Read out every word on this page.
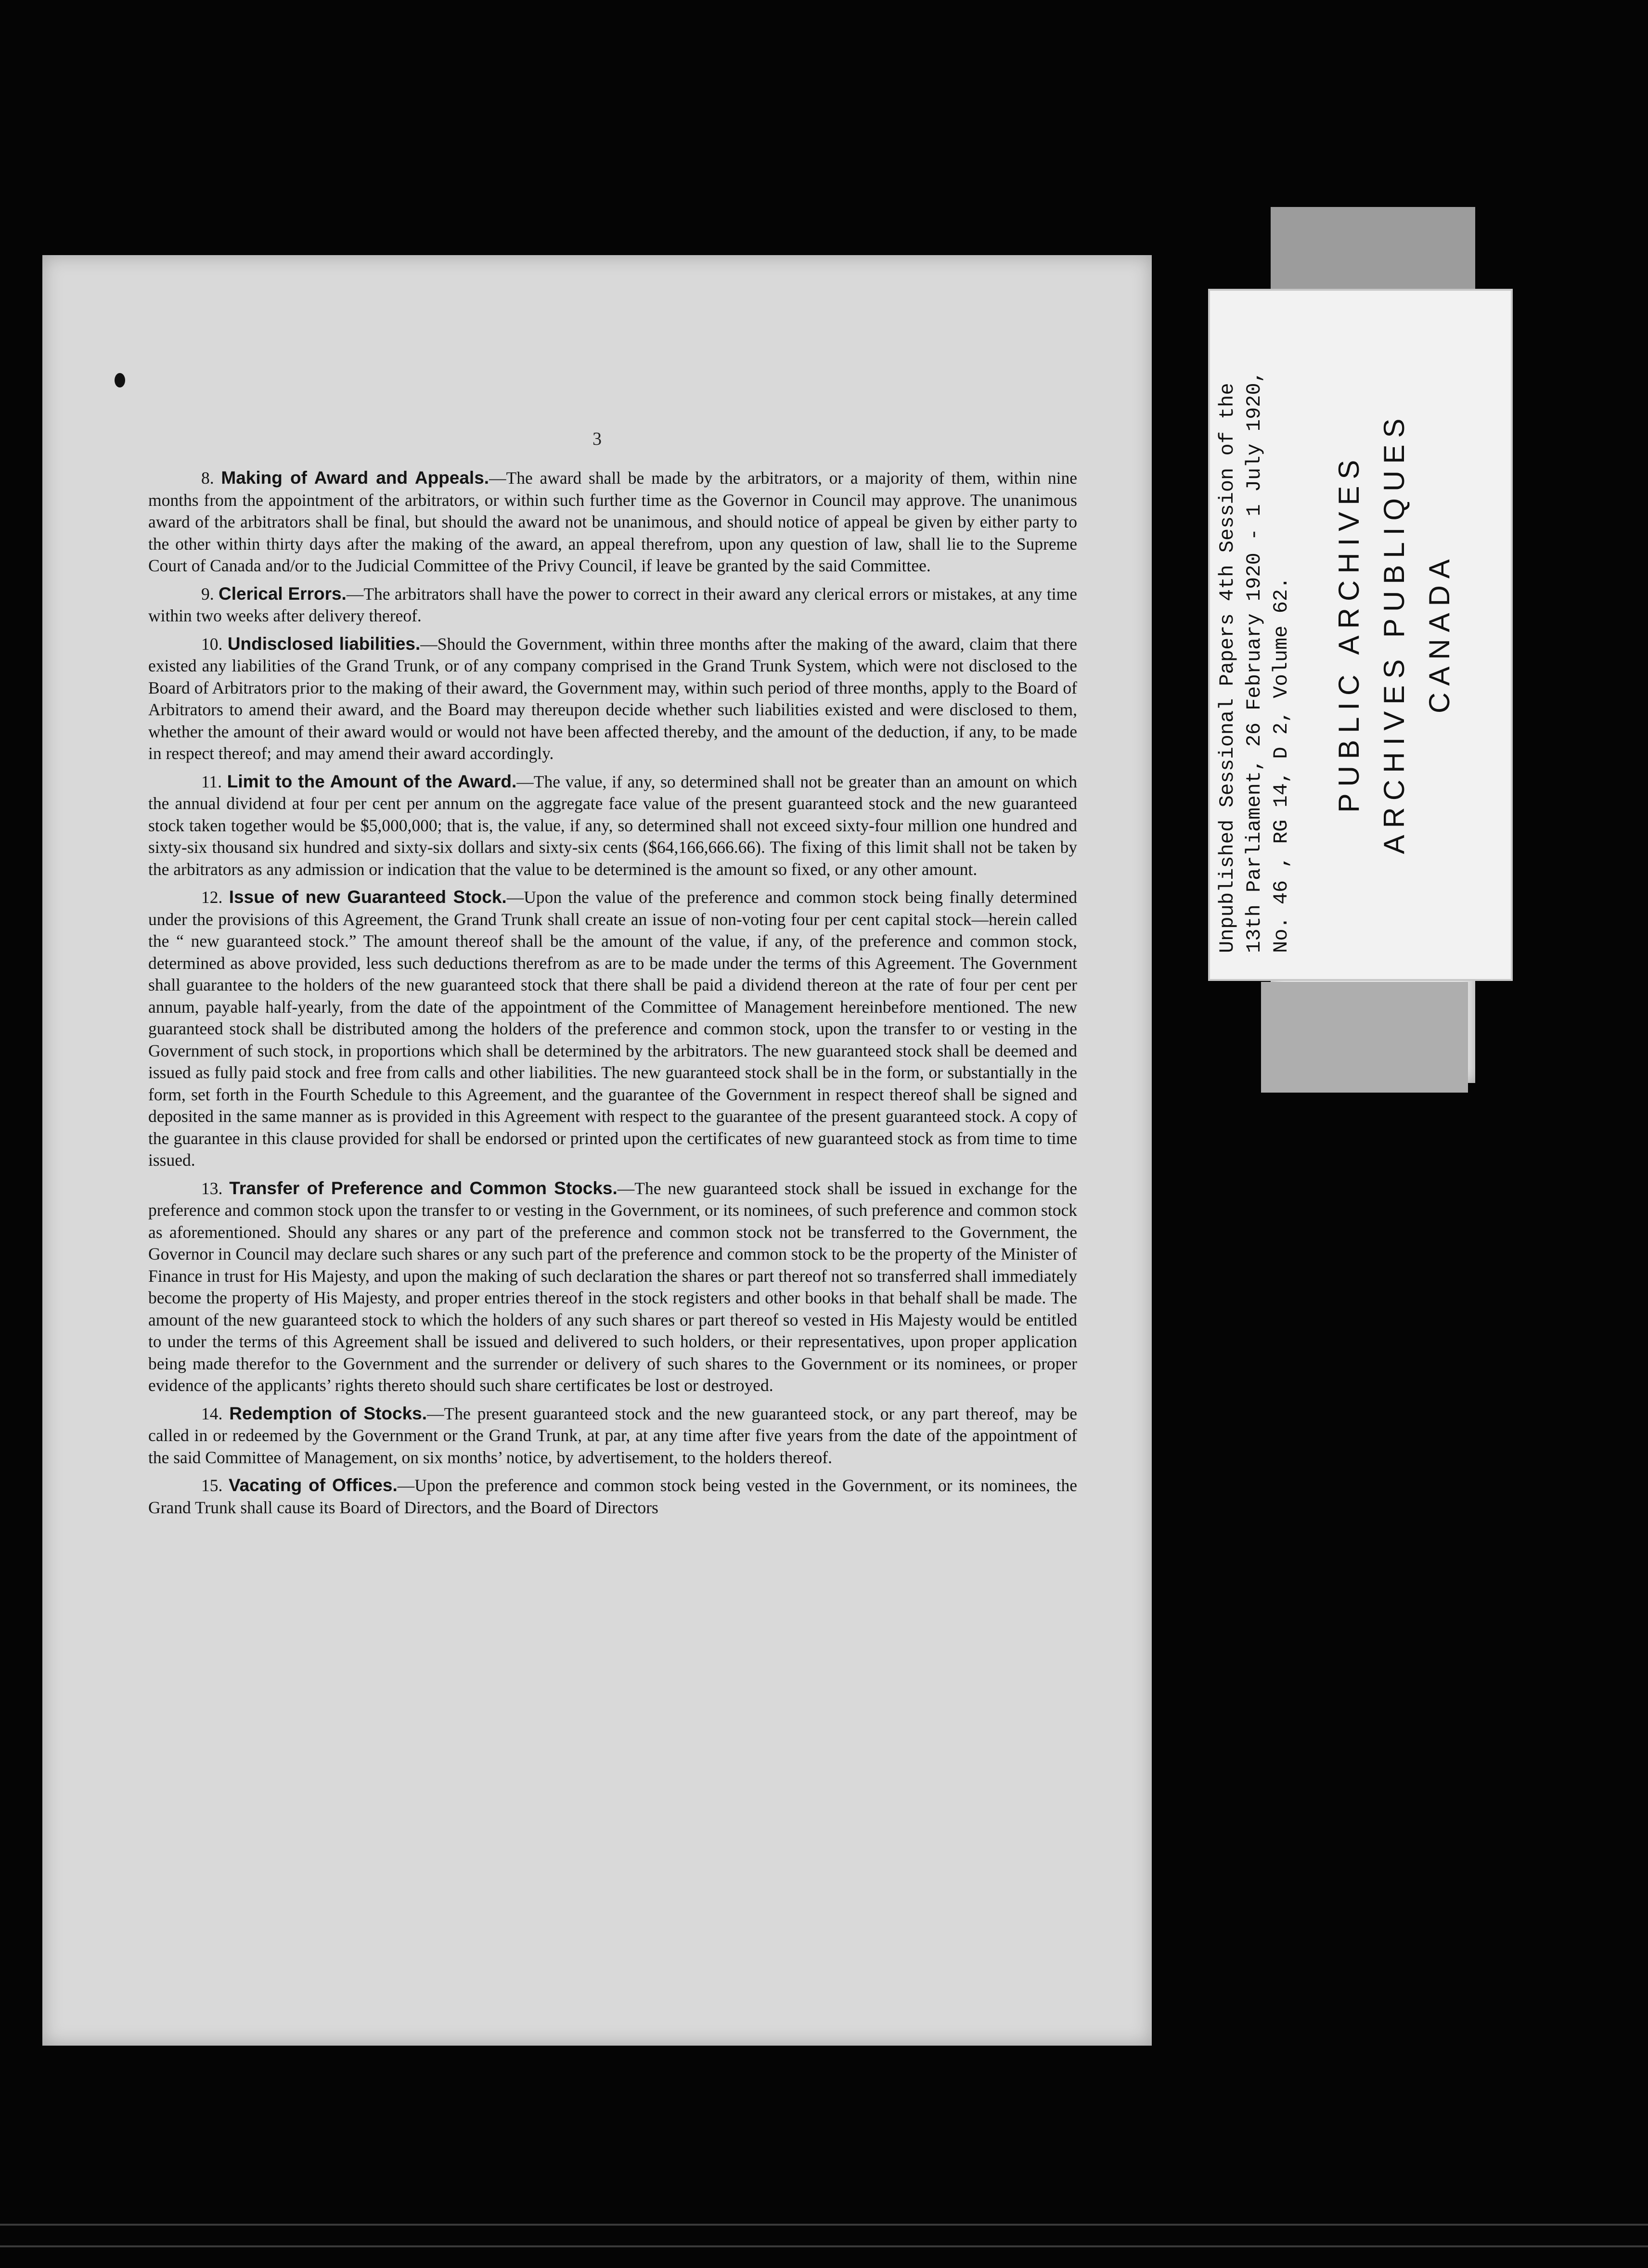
3

8. Making of Award and Appeals.—The award shall be made by the arbitrators, or a majority of them, within nine months from the appointment of the arbitrators, or within such further time as the Governor in Council may approve. The unanimous award of the arbitrators shall be final, but should the award not be unanimous, and should notice of appeal be given by either party to the other within thirty days after the making of the award, an appeal therefrom, upon any question of law, shall lie to the Supreme Court of Canada and/or to the Judicial Committee of the Privy Council, if leave be granted by the said Committee.

9. Clerical Errors.—The arbitrators shall have the power to correct in their award any clerical errors or mistakes, at any time within two weeks after delivery thereof.

10. Undisclosed liabilities.—Should the Government, within three months after the making of the award, claim that there existed any liabilities of the Grand Trunk, or of any company comprised in the Grand Trunk System, which were not disclosed to the Board of Arbitrators prior to the making of their award, the Government may, within such period of three months, apply to the Board of Arbitrators to amend their award, and the Board may thereupon decide whether such liabilities existed and were disclosed to them, whether the amount of their award would or would not have been affected thereby, and the amount of the deduction, if any, to be made in respect thereof; and may amend their award accordingly.

11. Limit to the Amount of the Award.—The value, if any, so determined shall not be greater than an amount on which the annual dividend at four per cent per annum on the aggregate face value of the present guaranteed stock and the new guaranteed stock taken together would be $5,000,000; that is, the value, if any, so determined shall not exceed sixty-four million one hundred and sixty-six thousand six hundred and sixty-six dollars and sixty-six cents ($64,166,666.66). The fixing of this limit shall not be taken by the arbitrators as any admission or indication that the value to be determined is the amount so fixed, or any other amount.

12. Issue of new Guaranteed Stock.—Upon the value of the preference and common stock being finally determined under the provisions of this Agreement, the Grand Trunk shall create an issue of non-voting four per cent capital stock—herein called the “ new guaranteed stock.” The amount thereof shall be the amount of the value, if any, of the preference and common stock, determined as above provided, less such deductions therefrom as are to be made under the terms of this Agreement. The Government shall guarantee to the holders of the new guaranteed stock that there shall be paid a dividend thereon at the rate of four per cent per annum, payable half-yearly, from the date of the appointment of the Committee of Management hereinbefore mentioned. The new guaranteed stock shall be distributed among the holders of the preference and common stock, upon the transfer to or vesting in the Government of such stock, in proportions which shall be determined by the arbitrators. The new guaranteed stock shall be deemed and issued as fully paid stock and free from calls and other liabilities. The new guaranteed stock shall be in the form, or substantially in the form, set forth in the Fourth Schedule to this Agreement, and the guarantee of the Government in respect thereof shall be signed and deposited in the same manner as is provided in this Agreement with respect to the guarantee of the present guaranteed stock. A copy of the guarantee in this clause provided for shall be endorsed or printed upon the certificates of new guaranteed stock as from time to time issued.

13. Transfer of Preference and Common Stocks.—The new guaranteed stock shall be issued in exchange for the preference and common stock upon the transfer to or vesting in the Government, or its nominees, of such preference and common stock as aforementioned. Should any shares or any part of the preference and common stock not be transferred to the Government, the Governor in Council may declare such shares or any such part of the preference and common stock to be the property of the Minister of Finance in trust for His Majesty, and upon the making of such declaration the shares or part thereof not so transferred shall immediately become the property of His Majesty, and proper entries thereof in the stock registers and other books in that behalf shall be made. The amount of the new guaranteed stock to which the holders of any such shares or part thereof so vested in His Majesty would be entitled to under the terms of this Agreement shall be issued and delivered to such holders, or their representatives, upon proper application being made therefor to the Government and the surrender or delivery of such shares to the Government or its nominees, or proper evidence of the applicants’ rights thereto should such share certificates be lost or destroyed.

14. Redemption of Stocks.—The present guaranteed stock and the new guaranteed stock, or any part thereof, may be called in or redeemed by the Government or the Grand Trunk, at par, at any time after five years from the date of the appointment of the said Committee of Management, on six months’ notice, by advertisement, to the holders thereof.

15. Vacating of Offices.—Upon the preference and common stock being vested in the Government, or its nominees, the Grand Trunk shall cause its Board of Directors, and the Board of Directors

Unpublished Sessional Papers 4th Session of the 13th Parliament, 26 February 1920 - 1 July 1920, No. 46 , RG 14, D 2, Volume 62. PUBLIC ARCHIVES ARCHIVES PUBLIQUES CANADA
